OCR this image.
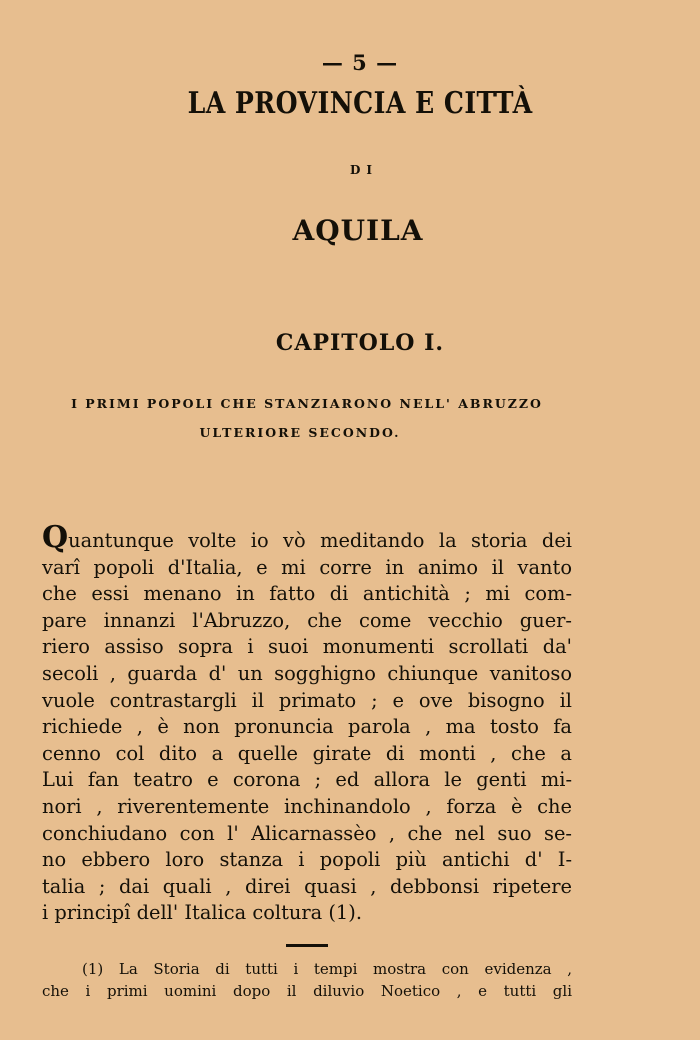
— 5 —
LA PROVINCIA E CITTÀ
DI
AQUILA
CAPITOLO I.
I PRIMI POPOLI CHE STANZIARONO NELL' ABRUZZO
ULTERIORE SECONDO.
Quantunque volte io vò meditando la storia dei
varî popoli d'Italia, e mi corre in animo il vanto
che essi menano in fatto di antichità ; mi com-
pare innanzi l'Abruzzo, che come vecchio guer-
riero assiso sopra i suoi monumenti scrollati da'
secoli , guarda d' un sogghigno chiunque vanitoso
vuole contrastargli il primato ; e ove bisogno il
richiede , è non pronuncia parola , ma tosto fa
cenno col dito a quelle girate di monti , che a
Lui fan teatro e corona ; ed allora le genti mi-
nori , riverentemente inchinandolo , forza è che
conchiudano con l' Alicarnassèo , che nel suo se-
no ebbero loro stanza i popoli più antichi d' I-
talia ; dai quali , direi quasi , debbonsi ripetere
i principî dell' Italica coltura (1).
(1) La Storia di tutti i tempi mostra con evidenza ,
che i primi uomini dopo il diluvio Noetico , e tutti gli
